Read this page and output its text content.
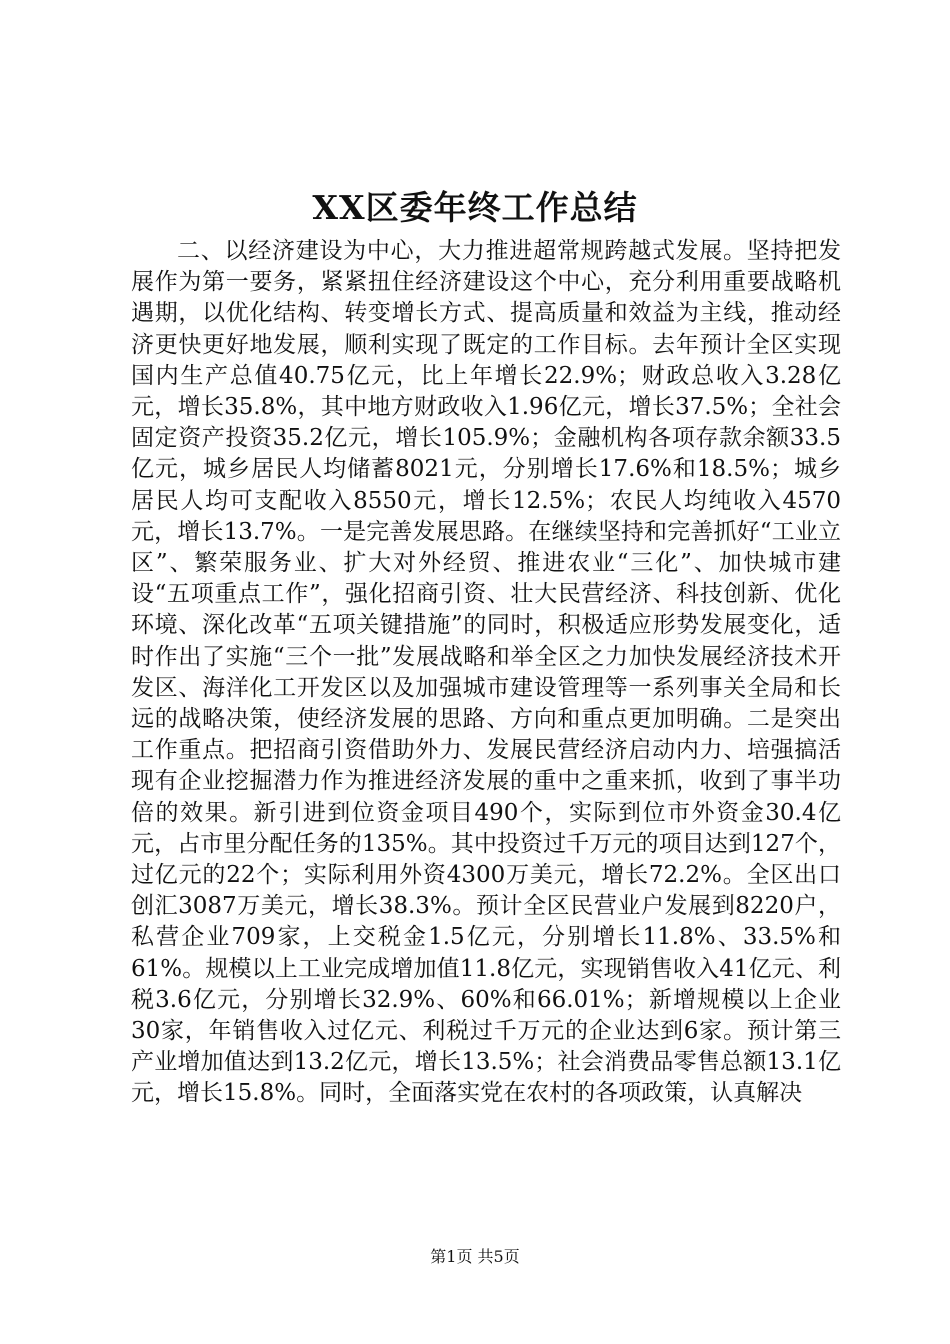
XX区委年终工作总结

二、以经济建设为中心，大力推进超常规跨越式发展。坚持把发展作为第一要务，紧紧扭住经济建设这个中心，充分利用重要战略机遇期，以优化结构、转变增长方式、提高质量和效益为主线，推动经济更快更好地发展，顺利实现了既定的工作目标。去年预计全区实现国内生产总值40.75亿元，比上年增长22.9%；财政总收入3.28亿元，增长35.8%，其中地方财政收入1.96亿元，增长37.5%；全社会固定资产投资35.2亿元，增长105.9%；金融机构各项存款余额33.5亿元，城乡居民人均储蓄8021元，分别增长17.6%和18.5%；城乡居民人均可支配收入8550元，增长12.5%；农民人均纯收入4570元，增长13.7%。一是完善发展思路。在继续坚持和完善抓好“工业立区”、繁荣服务业、扩大对外经贸、推进农业“三化”、加快城市建设“五项重点工作”，强化招商引资、壮大民营经济、科技创新、优化环境、深化改革“五项关键措施”的同时，积极适应形势发展变化，适时作出了实施“三个一批”发展战略和举全区之力加快发展经济技术开发区、海洋化工开发区以及加强城市建设管理等一系列事关全局和长远的战略决策，使经济发展的思路、方向和重点更加明确。二是突出工作重点。把招商引资借助外力、发展民营经济启动内力、培强搞活现有企业挖掘潜力作为推进经济发展的重中之重来抓，收到了事半功倍的效果。新引进到位资金项目490个，实际到位市外资金30.4亿元，占市里分配任务的135%。其中投资过千万元的项目达到127个，过亿元的22个；实际利用外资4300万美元，增长72.2%。全区出口创汇3087万美元，增长38.3%。预计全区民营业户发展到8220户，私营企业709家，上交税金1.5亿元，分别增长11.8%、33.5%和61%。规模以上工业完成增加值11.8亿元，实现销售收入41亿元、利税3.6亿元，分别增长32.9%、60%和66.01%；新增规模以上企业30家，年销售收入过亿元、利税过千万元的企业达到6家。预计第三产业增加值达到13.2亿元，增长13.5%；社会消费品零售总额13.1亿元，增长15.8%。同时，全面落实党在农村的各项政策，认真解决

第1页 共5页
